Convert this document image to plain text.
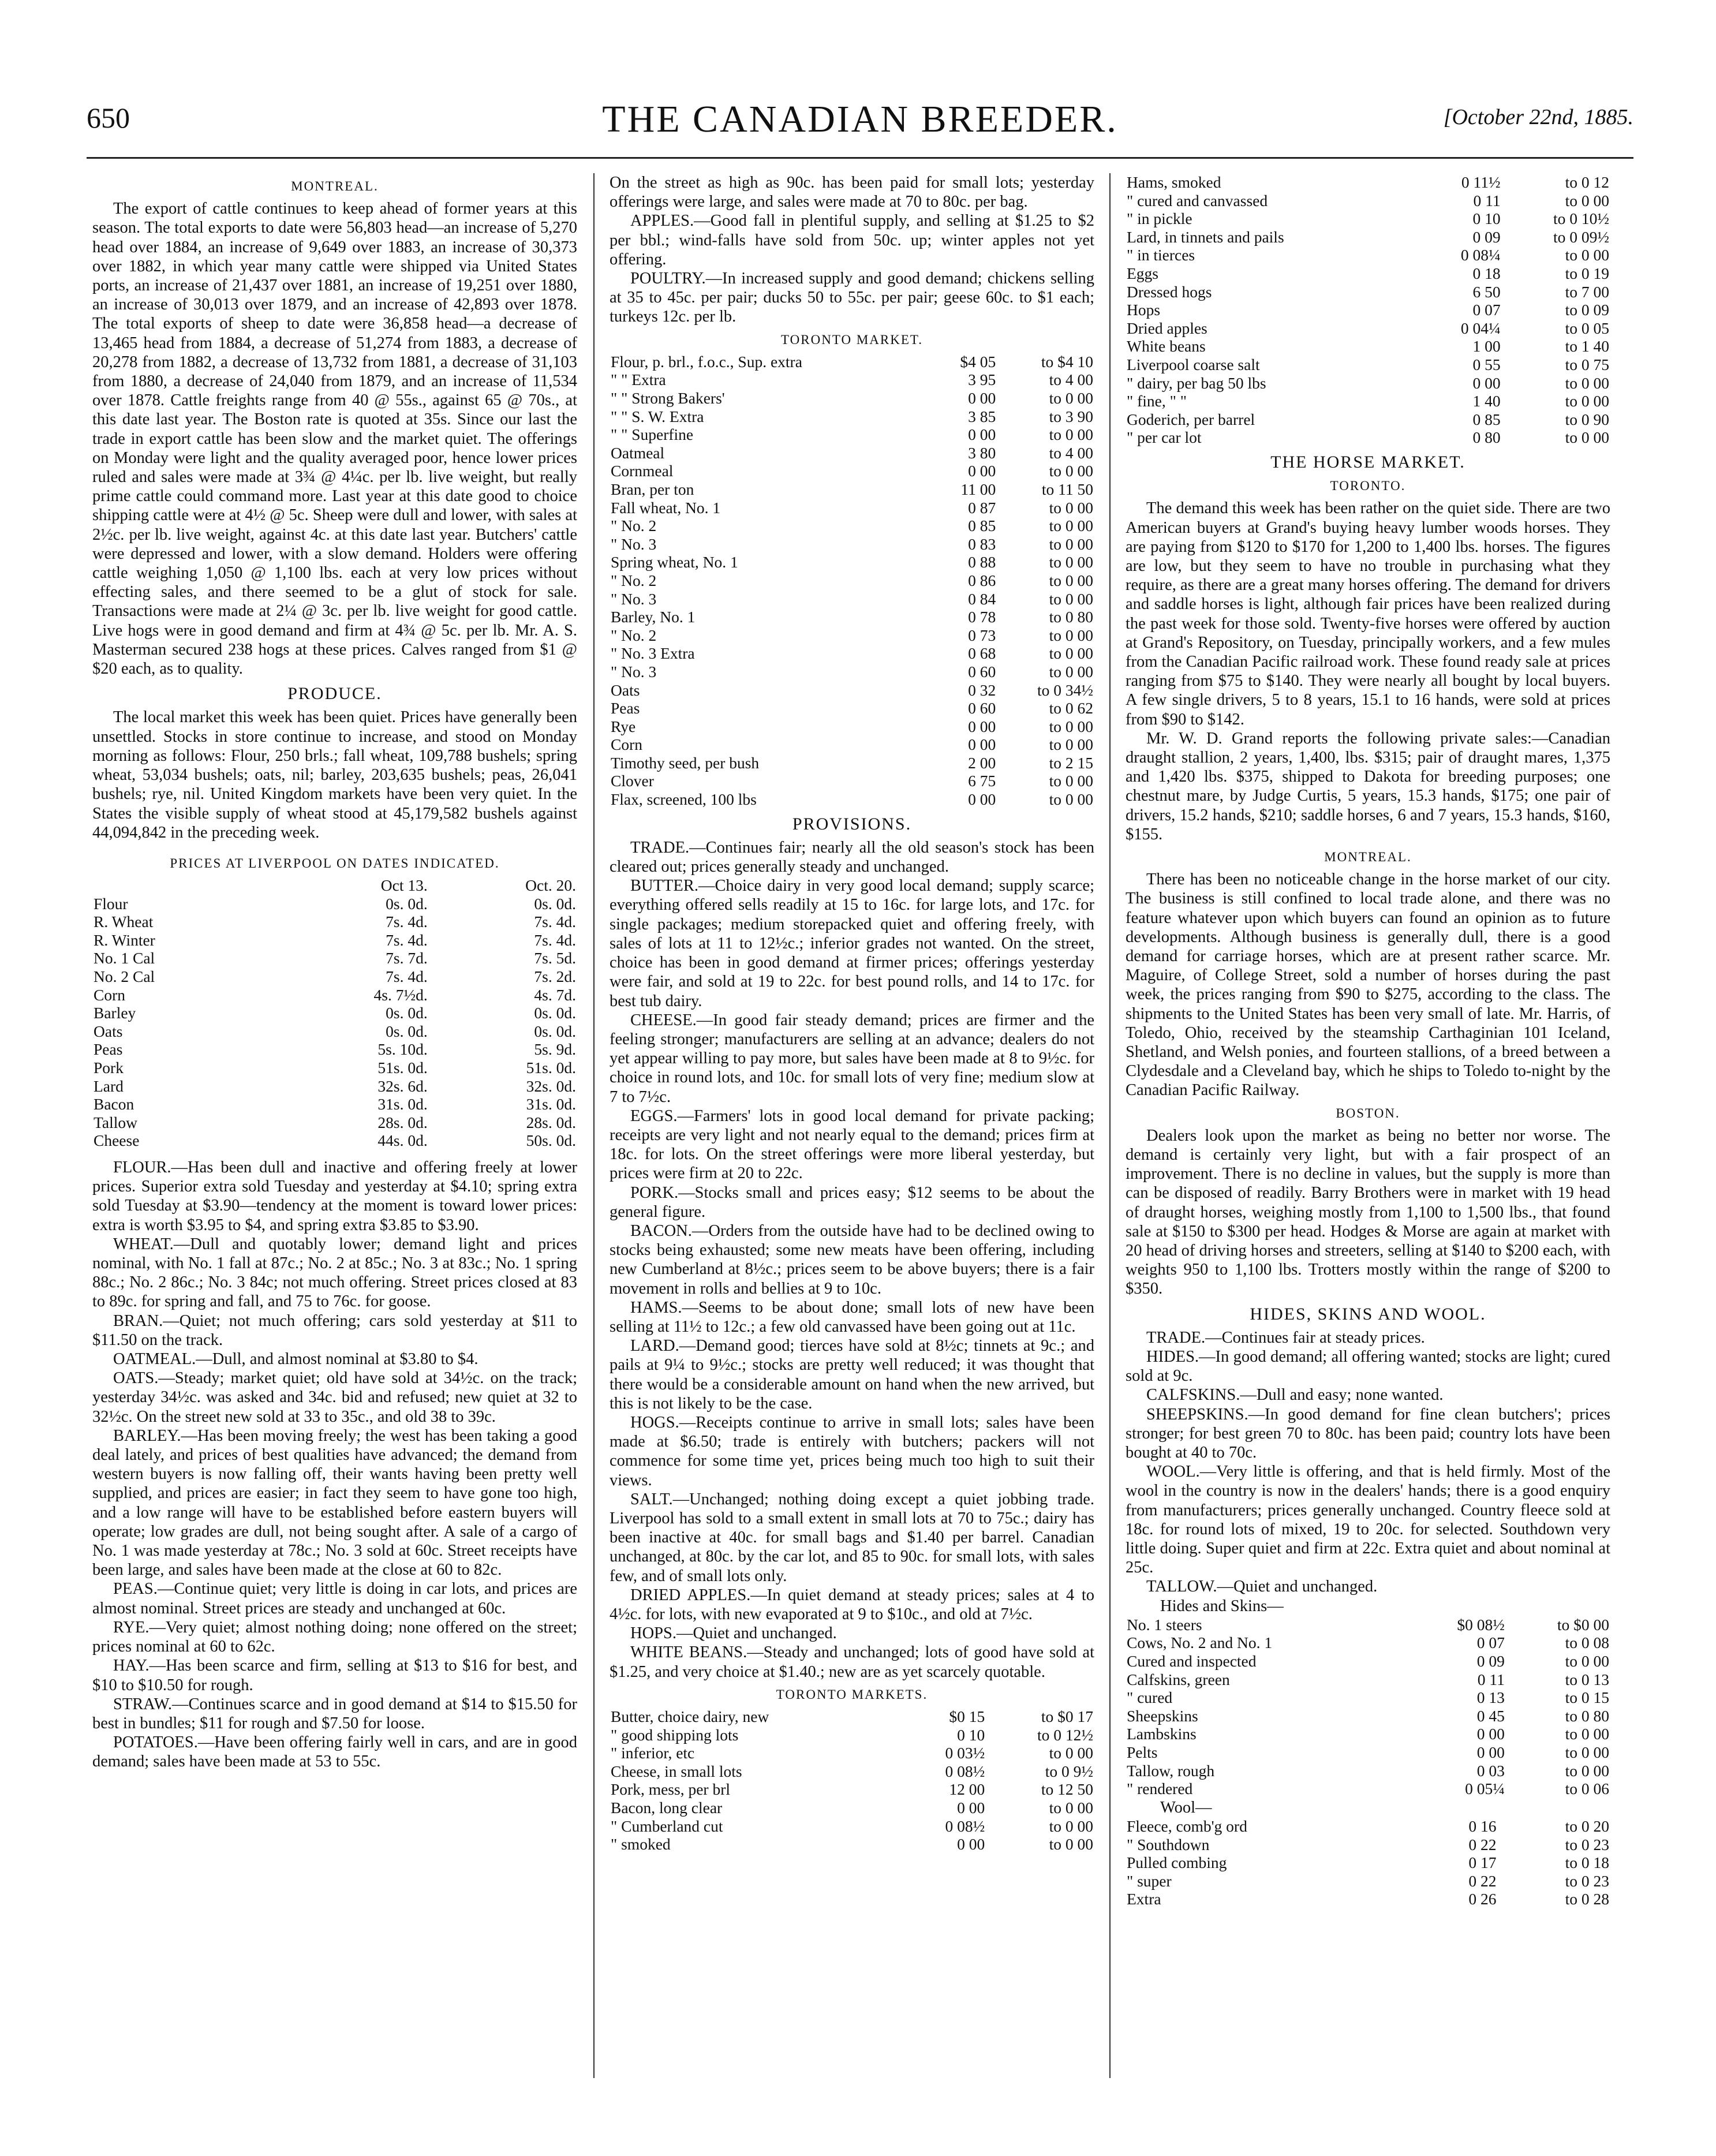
650	THE CANADIAN BREEDER.	[October 22nd, 1885.
MONTREAL.

The export of cattle continues to keep ahead of former years at this season. The total exports to date were 56,803 head—an increase of 5,270 head over 1884, an increase of 9,649 over 1883, an increase of 30,373 over 1882, in which year many cattle were shipped via United States ports, an increase of 21,437 over 1881, an increase of 19,251 over 1880, an increase of 30,013 over 1879, and an increase of 42,893 over 1878. The total exports of sheep to date were 36,858 head—a decrease of 13,465 head from 1884, a decrease of 51,274 from 1883, a decrease of 20,278 from 1882, a decrease of 13,732 from 1881, a decrease of 31,103 from 1880, a decrease of 24,040 from 1879, and an increase of 11,534 over 1878. Cattle freights range from 40 @ 55s., against 65 @ 70s., at this date last year. The Boston rate is quoted at 35s. Since our last the trade in export cattle has been slow and the market quiet. The offerings on Monday were light and the quality averaged poor, hence lower prices ruled and sales were made at 3¾ @ 4¼c. per lb. live weight, but really prime cattle could command more. Last year at this date good to choice shipping cattle were at 4½ @ 5c. Sheep were dull and lower, with sales at 2½c. per lb. live weight, against 4c. at this date last year. Butchers' cattle were depressed and lower, with a slow demand. Holders were offering cattle weighing 1,050 @ 1,100 lbs. each at very low prices without effecting sales, and there seemed to be a glut of stock for sale. Transactions were made at 2¼ @ 3c. per lb. live weight for good cattle. Live hogs were in good demand and firm at 4¾ @ 5c. per lb. Mr. A. S. Masterman secured 238 hogs at these prices. Calves ranged from $1 @ $20 each, as to quality.

PRODUCE.

The local market this week has been quiet. Prices have generally been unsettled. Stocks in store continue to increase, and stood on Monday morning as follows: Flour, 250 brls.; fall wheat, 109,788 bushels; spring wheat, 53,034 bushels; oats, nil; barley, 203,635 bushels; peas, 26,041 bushels; rye, nil. United Kingdom markets have been very quiet. In the States the visible supply of wheat stood at 45,179,582 bushels against 44,094,842 in the preceding week.

PRICES AT LIVERPOOL ON DATES INDICATED.
	Oct 13.	Oct. 20.
Flour	0s. 0d.	0s. 0d.
R. Wheat	7s. 4d.	7s. 4d.
R. Winter	7s. 4d.	7s. 4d.
No. 1 Cal	7s. 7d.	7s. 5d.
No. 2 Cal	7s. 4d.	7s. 2d.
Corn	4s. 7½d.	4s. 7d.
Barley	0s. 0d.	0s. 0d.
Oats	0s. 0d.	0s. 0d.
Peas	5s. 10d.	5s. 9d.
Pork	51s. 0d.	51s. 0d.
Lard	32s. 6d.	32s. 0d.
Bacon	31s. 0d.	31s. 0d.
Tallow	28s. 0d.	28s. 0d.
Cheese	44s. 0d.	50s. 0d.

FLOUR.—Has been dull and inactive and offering freely at lower prices. Superior extra sold Tuesday and yesterday at $4.10; spring extra sold Tuesday at $3.90—tendency at the moment is toward lower prices: extra is worth $3.95 to $4, and spring extra $3.85 to $3.90.

WHEAT.—Dull and quotably lower; demand light and prices nominal, with No. 1 fall at 87c.; No. 2 at 85c.; No. 3 at 83c.; No. 1 spring 88c.; No. 2 86c.; No. 3 84c; not much offering. Street prices closed at 83 to 89c. for spring and fall, and 75 to 76c. for goose.

BRAN.—Quiet; not much offering; cars sold yesterday at $11 to $11.50 on the track.

OATMEAL.—Dull, and almost nominal at $3.80 to $4.

OATS.—Steady; market quiet; old have sold at 34½c. on the track; yesterday 34½c. was asked and 34c. bid and refused; new quiet at 32 to 32½c. On the street new sold at 33 to 35c., and old 38 to 39c.

BARLEY.—Has been moving freely; the west has been taking a good deal lately, and prices of best qualities have advanced; the demand from western buyers is now falling off, their wants having been pretty well supplied, and prices are easier; in fact they seem to have gone too high, and a low range will have to be established before eastern buyers will operate; low grades are dull, not being sought after. A sale of a cargo of No. 1 was made yesterday at 78c.; No. 3 sold at 60c. Street receipts have been large, and sales have been made at the close at 60 to 82c.

PEAS.—Continue quiet; very little is doing in car lots, and prices are almost nominal. Street prices are steady and unchanged at 60c.

RYE.—Very quiet; almost nothing doing; none offered on the street; prices nominal at 60 to 62c.

HAY.—Has been scarce and firm, selling at $13 to $16 for best, and $10 to $10.50 for rough.

STRAW.—Continues scarce and in good demand at $14 to $15.50 for best in bundles; $11 for rough and $7.50 for loose.

POTATOES.—Have been offering fairly well in cars, and are in good demand; sales have been made at 53 to 55c.

On the street as high as 90c. has been paid for small lots; yesterday offerings were large, and sales were made at 70 to 80c. per bag.

APPLES.—Good fall in plentiful supply, and selling at $1.25 to $2 per bbl.; wind-falls have sold from 50c. up; winter apples not yet offering.

POULTRY.—In increased supply and good demand; chickens selling at 35 to 45c. per pair; ducks 50 to 55c. per pair; geese 60c. to $1 each; turkeys 12c. per lb.

TORONTO MARKET.
Flour, p. brl., f.o.c., Sup. extra	$4 05	to $4 10
" " Extra	3 95	to 4 00
" " Strong Bakers'	0 00	to 0 00
" " S. W. Extra	3 85	to 3 90
" " Superfine	0 00	to 0 00
Oatmeal	3 80	to 4 00
Cornmeal	0 00	to 0 00
Bran, per ton	11 00	to 11 50
Fall wheat, No. 1	0 87	to 0 00
" No. 2	0 85	to 0 00
" No. 3	0 83	to 0 00
Spring wheat, No. 1	0 88	to 0 00
" No. 2	0 86	to 0 00
" No. 3	0 84	to 0 00
Barley, No. 1	0 78	to 0 80
" No. 2	0 73	to 0 00
" No. 3 Extra	0 68	to 0 00
" No. 3	0 60	to 0 00
Oats	0 32	to 0 34½
Peas	0 60	to 0 62
Rye	0 00	to 0 00
Corn	0 00	to 0 00
Timothy seed, per bush	2 00	to 2 15
Clover	6 75	to 0 00
Flax, screened, 100 lbs	0 00	to 0 00
PROVISIONS.

TRADE.—Continues fair; nearly all the old season's stock has been cleared out; prices generally steady and unchanged.

BUTTER.—Choice dairy in very good local demand; supply scarce; everything offered sells readily at 15 to 16c. for large lots, and 17c. for single packages; medium storepacked quiet and offering freely, with sales of lots at 11 to 12½c.; inferior grades not wanted. On the street, choice has been in good demand at firmer prices; offerings yesterday were fair, and sold at 19 to 22c. for best pound rolls, and 14 to 17c. for best tub dairy.

CHEESE.—In good fair steady demand; prices are firmer and the feeling stronger; manufacturers are selling at an advance; dealers do not yet appear willing to pay more, but sales have been made at 8 to 9½c. for choice in round lots, and 10c. for small lots of very fine; medium slow at 7 to 7½c.

EGGS.—Farmers' lots in good local demand for private packing; receipts are very light and not nearly equal to the demand; prices firm at 18c. for lots. On the street offerings were more liberal yesterday, but prices were firm at 20 to 22c.

PORK.—Stocks small and prices easy; $12 seems to be about the general figure.

BACON.—Orders from the outside have had to be declined owing to stocks being exhausted; some new meats have been offering, including new Cumberland at 8½c.; prices seem to be above buyers; there is a fair movement in rolls and bellies at 9 to 10c.

HAMS.—Seems to be about done; small lots of new have been selling at 11½ to 12c.; a few old canvassed have been going out at 11c.

LARD.—Demand good; tierces have sold at 8½c; tinnets at 9c.; and pails at 9¼ to 9½c.; stocks are pretty well reduced; it was thought that there would be a considerable amount on hand when the new arrived, but this is not likely to be the case.

HOGS.—Receipts continue to arrive in small lots; sales have been made at $6.50; trade is entirely with butchers; packers will not commence for some time yet, prices being much too high to suit their views.

SALT.—Unchanged; nothing doing except a quiet jobbing trade. Liverpool has sold to a small extent in small lots at 70 to 75c.; dairy has been inactive at 40c. for small bags and $1.40 per barrel. Canadian unchanged, at 80c. by the car lot, and 85 to 90c. for small lots, with sales few, and of small lots only.

DRIED APPLES.—In quiet demand at steady prices; sales at 4 to 4½c. for lots, with new evaporated at 9 to $10c., and old at 7½c.

HOPS.—Quiet and unchanged.

WHITE BEANS.—Steady and unchanged; lots of good have sold at $1.25, and very choice at $1.40.; new are as yet scarcely quotable.

TORONTO MARKETS.
Butter, choice dairy, new	$0 15	to $0 17
" good shipping lots	0 10	to 0 12½
" inferior, etc	0 03½	to 0 00
Cheese, in small lots	0 08½	to 0 9½
Pork, mess, per brl	12 00	to 12 50
Bacon, long clear	0 00	to 0 00
" Cumberland cut	0 08½	to 0 00
" smoked	0 00	to 0 00
Hams, smoked	0 11½	to 0 12
" cured and canvassed	0 11	to 0 00
" in pickle	0 10	to 0 10½
Lard, in tinnets and pails	0 09	to 0 09½
" in tierces	0 08¼	to 0 00
Eggs	0 18	to 0 19
Dressed hogs	6 50	to 7 00
Hops	0 07	to 0 09
Dried apples	0 04¼	to 0 05
White beans	1 00	to 1 40
Liverpool coarse salt	0 55	to 0 75
" dairy, per bag 50 lbs	0 00	to 0 00
" fine, " "	1 40	to 0 00
Goderich, per barrel	0 85	to 0 90
" per car lot	0 80	to 0 00
THE HORSE MARKET.
TORONTO.

The demand this week has been rather on the quiet side. There are two American buyers at Grand's buying heavy lumber woods horses. They are paying from $120 to $170 for 1,200 to 1,400 lbs. horses. The figures are low, but they seem to have no trouble in purchasing what they require, as there are a great many horses offering. The demand for drivers and saddle horses is light, although fair prices have been realized during the past week for those sold. Twenty-five horses were offered by auction at Grand's Repository, on Tuesday, principally workers, and a few mules from the Canadian Pacific railroad work. These found ready sale at prices ranging from $75 to $140. They were nearly all bought by local buyers. A few single drivers, 5 to 8 years, 15.1 to 16 hands, were sold at prices from $90 to $142.

Mr. W. D. Grand reports the following private sales:—Canadian draught stallion, 2 years, 1,400, lbs. $315; pair of draught mares, 1,375 and 1,420 lbs. $375, shipped to Dakota for breeding purposes; one chestnut mare, by Judge Curtis, 5 years, 15.3 hands, $175; one pair of drivers, 15.2 hands, $210; saddle horses, 6 and 7 years, 15.3 hands, $160, $155.

MONTREAL.

There has been no noticeable change in the horse market of our city. The business is still confined to local trade alone, and there was no feature whatever upon which buyers can found an opinion as to future developments. Although business is generally dull, there is a good demand for carriage horses, which are at present rather scarce. Mr. Maguire, of College Street, sold a number of horses during the past week, the prices ranging from $90 to $275, according to the class. The shipments to the United States has been very small of late. Mr. Harris, of Toledo, Ohio, received by the steamship Carthaginian 101 Iceland, Shetland, and Welsh ponies, and fourteen stallions, of a breed between a Clydesdale and a Cleveland bay, which he ships to Toledo to-night by the Canadian Pacific Railway.

BOSTON.

Dealers look upon the market as being no better nor worse. The demand is certainly very light, but with a fair prospect of an improvement. There is no decline in values, but the supply is more than can be disposed of readily. Barry Brothers were in market with 19 head of draught horses, weighing mostly from 1,100 to 1,500 lbs., that found sale at $150 to $300 per head. Hodges & Morse are again at market with 20 head of driving horses and streeters, selling at $140 to $200 each, with weights 950 to 1,100 lbs. Trotters mostly within the range of $200 to $350.

HIDES, SKINS AND WOOL.

TRADE.—Continues fair at steady prices.

HIDES.—In good demand; all offering wanted; stocks are light; cured sold at 9c.

CALFSKINS.—Dull and easy; none wanted.

SHEEPSKINS.—In good demand for fine clean butchers'; prices stronger; for best green 70 to 80c. has been paid; country lots have been bought at 40 to 70c.

WOOL.—Very little is offering, and that is held firmly. Most of the wool in the country is now in the dealers' hands; there is a good enquiry from manufacturers; prices generally unchanged. Country fleece sold at 18c. for round lots of mixed, 19 to 20c. for selected. Southdown very little doing. Super quiet and firm at 22c. Extra quiet and about nominal at 25c.

TALLOW.—Quiet and unchanged.

Hides and Skins—
No. 1 steers	$0 08½	to $0 00
Cows, No. 2 and No. 1	0 07	to 0 08
Cured and inspected	0 09	to 0 00
Calfskins, green	0 11	to 0 13
" cured	0 13	to 0 15
Sheepskins	0 45	to 0 80
Lambskins	0 00	to 0 00
Pelts	0 00	to 0 00
Tallow, rough	0 03	to 0 00
" rendered	0 05¼	to 0 06
Wool—
Fleece, comb'g ord	0 16	to 0 20
" Southdown	0 22	to 0 23
Pulled combing	0 17	to 0 18
" super	0 22	to 0 23
Extra	0 26	to 0 28
